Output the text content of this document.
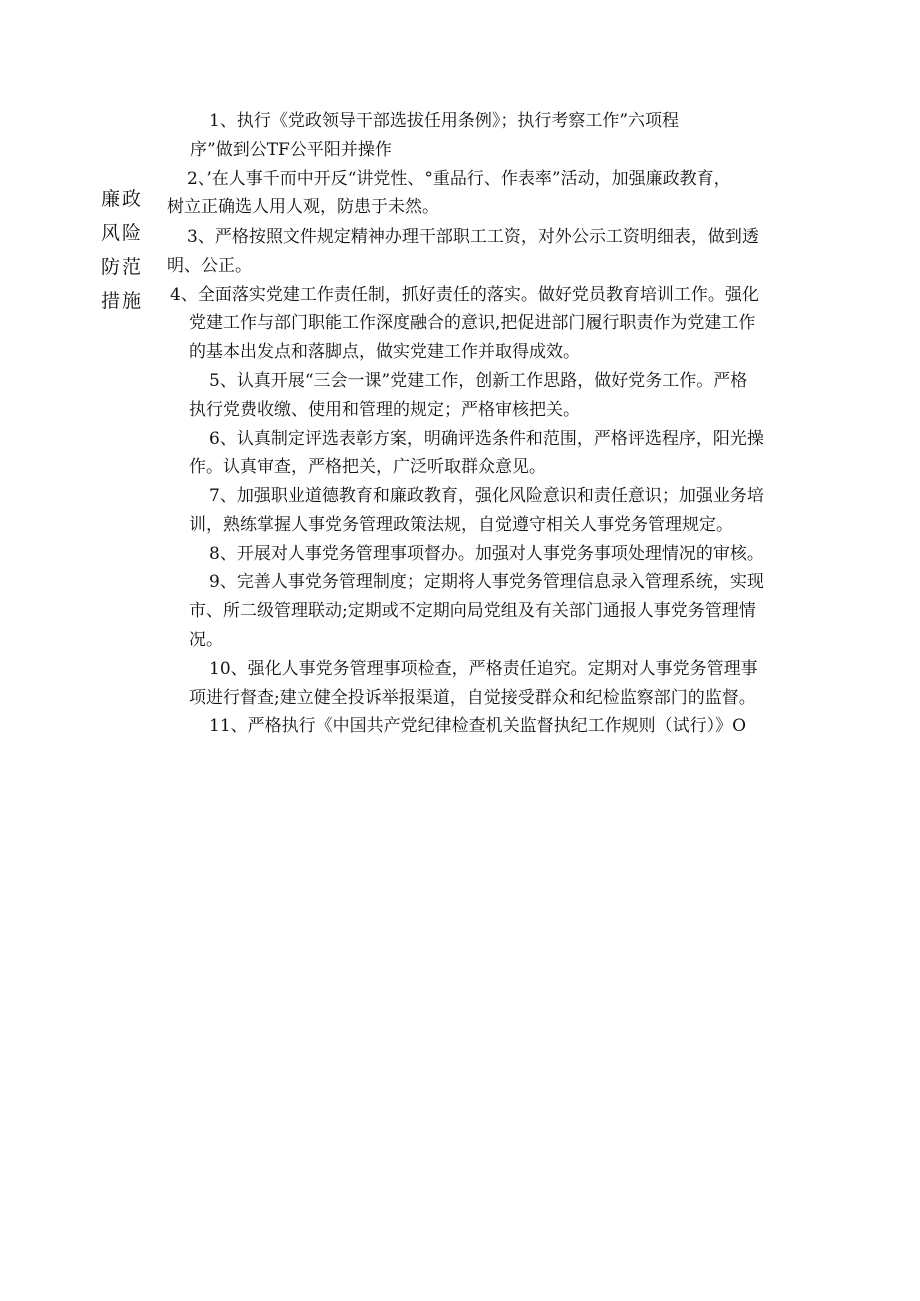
廉政
风险
防范
措施
1、执行《党政领导干部选拔任用条例》；执行考察工作”六项程
序”做到公TF公平阳并操作
2、’在人事千而中开反“讲党性、°重品行、作表率”活动，加强廉政教育，
树立正确选人用人观，防患于未然。
3、严格按照文件规定精神办理干部职工工资，对外公示工资明细表，做到透
明、公正。
4、全面落实党建工作责任制，抓好责任的落实。做好党员教育培训工作。强化
党建工作与部门职能工作深度融合的意识,把促进部门履行职责作为党建工作
的基本出发点和落脚点，做实党建工作并取得成效。
5、认真开展“三会一课”党建工作，创新工作思路，做好党务工作。严格
执行党费收缴、使用和管理的规定；严格审核把关。
6、认真制定评选表彰方案，明确评选条件和范围，严格评选程序，阳光操
作。认真审查，严格把关，广泛听取群众意见。
7、加强职业道德教育和廉政教育，强化风险意识和责任意识；加强业务培
训，熟练掌握人事党务管理政策法规，自觉遵守相关人事党务管理规定。
8、开展对人事党务管理事项督办。加强对人事党务事项处理情况的审核。
9、完善人事党务管理制度；定期将人事党务管理信息录入管理系统，实现
市、所二级管理联动;定期或不定期向局党组及有关部门通报人事党务管理情
况。
10、强化人事党务管理事项检查，严格责任追究。定期对人事党务管理事
项进行督查;建立健全投诉举报渠道，自觉接受群众和纪检监察部门的监督。
11、严格执行《中国共产党纪律检查机关监督执纪工作规则（试行）》O
